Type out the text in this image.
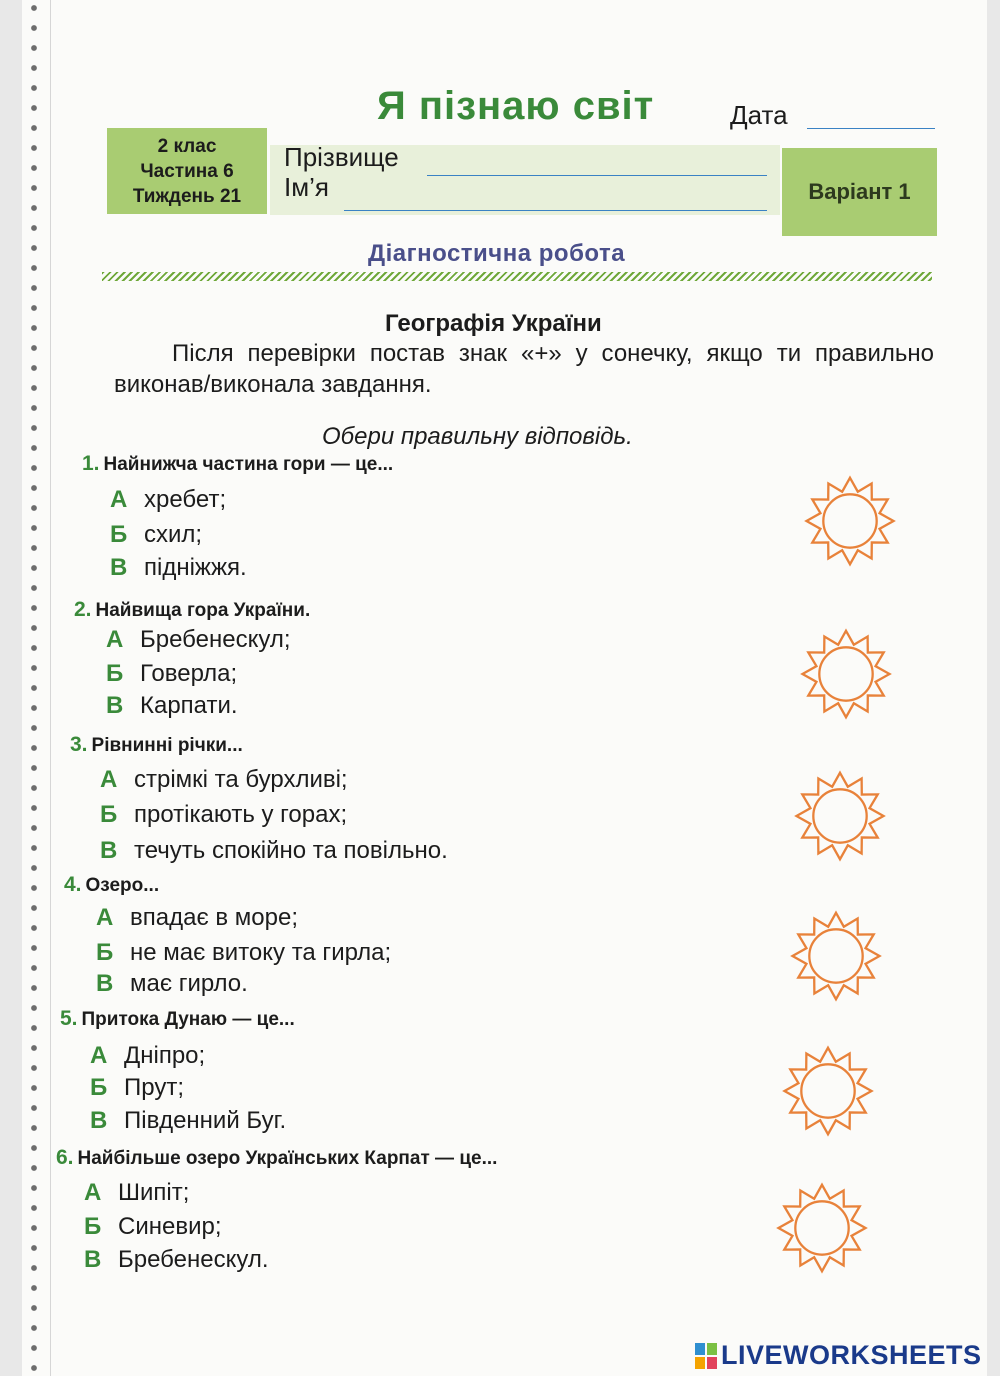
Я пізнаю світ	Дата
2 клас
Частина 6
Тиждень 21
Прізвище
Ім’я	Варіант 1
Діагностична робота
Географія України
Після перевірки постав знак «+» у сонечку, якщо ти правильно виконав/виконала завдання.
Обери правильну відповідь.
1. Найнижча частина гори — це...
А хребет;
Б схил;
В підніжжя.
2. Найвища гора України.
А Бребенескул;
Б Говерла;
В Карпати.
3. Рівнинні річки...
А стрімкі та бурхливі;
Б протікають у горах;
В течуть спокійно та повільно.
4. Озеро...
А впадає в море;
Б не має витоку та гирла;
В має гирло.
5. Притока Дунаю — це...
А Дніпро;
Б Прут;
В Південний Буг.
6. Найбільше озеро Українських Карпат — це...
А Шипіт;
Б Синевир;
В Бребенескул.
LIVEWORKSHEETS
